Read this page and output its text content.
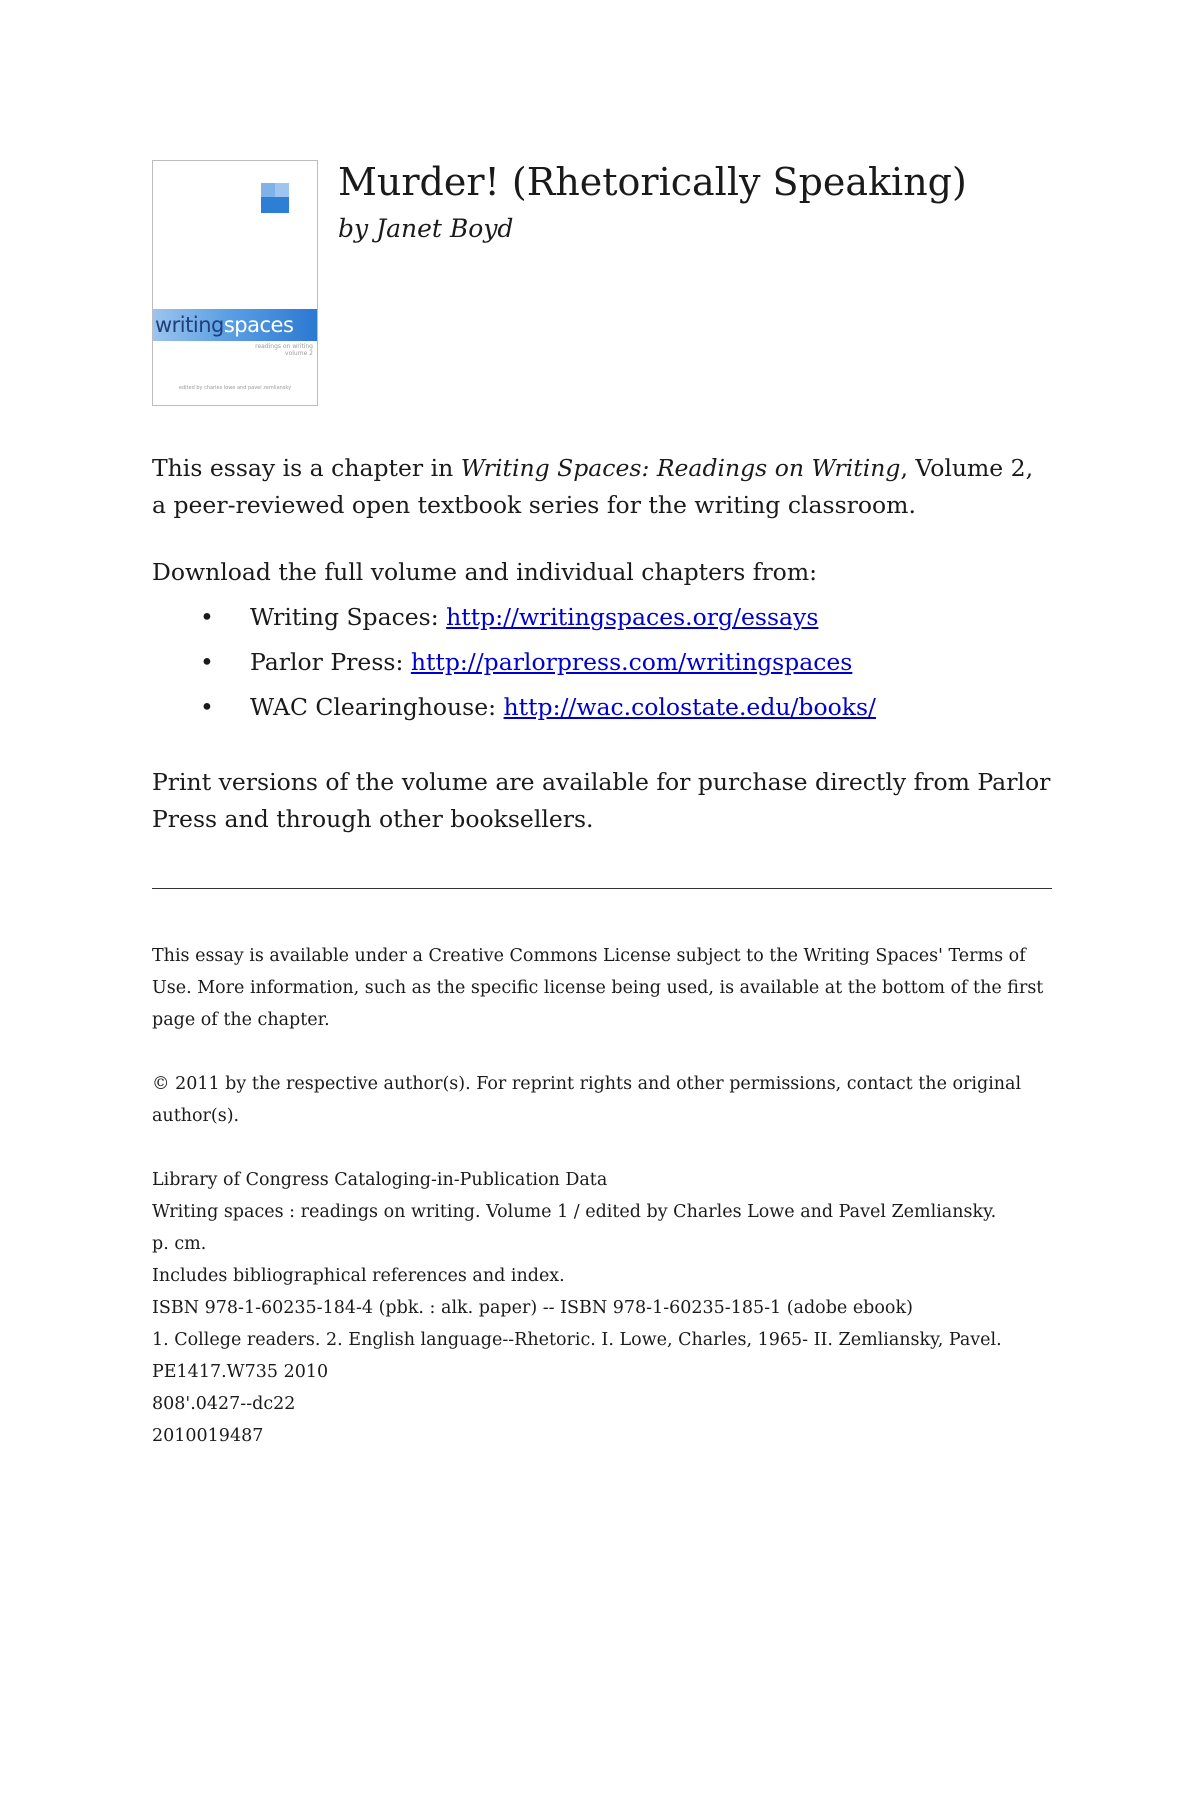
writingspaces
readings on writing
volume 2
edited by charles lowe and pavel zemliansky
Murder! (Rhetorically Speaking)
by Janet Boyd

This essay is a chapter in Writing Spaces: Readings on Writing, Volume 2, a peer-reviewed open textbook series for the writing classroom.

Download the full volume and individual chapters from:

• Writing Spaces: http://writingspaces.org/essays
• Parlor Press: http://parlorpress.com/writingspaces
• WAC Clearinghouse: http://wac.colostate.edu/books/

Print versions of the volume are available for purchase directly from Parlor Press and through other booksellers.

This essay is available under a Creative Commons License subject to the Writing Spaces' Terms of Use. More information, such as the specific license being used, is available at the bottom of the first page of the chapter.

© 2011 by the respective author(s). For reprint rights and other permissions, contact the original author(s).

Library of Congress Cataloging-in-Publication Data

Writing spaces : readings on writing. Volume 1 / edited by Charles Lowe and Pavel Zemliansky.

p. cm.

Includes bibliographical references and index.

ISBN 978-1-60235-184-4 (pbk. : alk. paper) -- ISBN 978-1-60235-185-1 (adobe ebook)

1. College readers. 2. English language--Rhetoric. I. Lowe, Charles, 1965- II. Zemliansky, Pavel.

PE1417.W735 2010

808'.0427--dc22

2010019487
